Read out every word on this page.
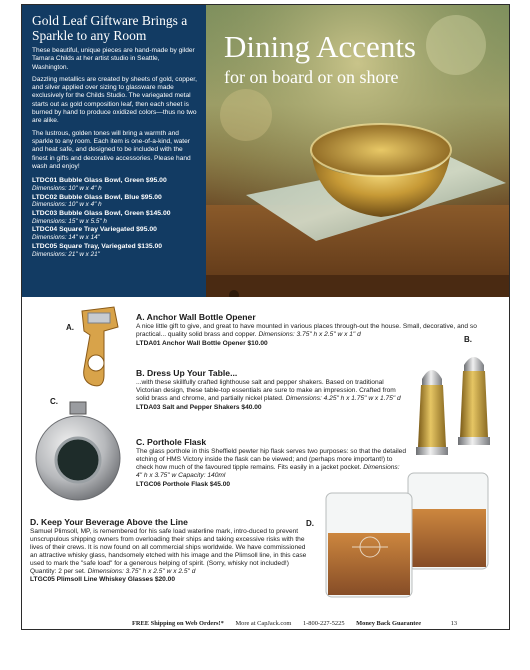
Gold Leaf Giftware Brings a Sparkle to any Room

These beautiful, unique pieces are hand-made by gilder Tamara Childs at her artist studio in Seattle, Washington.

Dazzling metallics are created by sheets of gold, copper, and silver applied over sizing to glassware made exclusively for the Childs Studio. The variegated metal starts out as gold composition leaf, then each sheet is burned by hand to produce oxidized colors—thus no two are alike.

The lustrous, golden tones will bring a warmth and sparkle to any room. Each item is one-of-a-kind, water and heat safe, and designed to be included with the finest in gifts and decorative accessories. Please hand wash and enjoy!

LTDC01 Bubble Glass Bowl, Green $95.00
Dimensions: 10" w x 4" h
LTDC02 Bubble Glass Bowl, Blue $95.00
Dimensions: 10" w x 4" h
LTDC03 Bubble Glass Bowl, Green $145.00
Dimensions: 15" w x 5.5" h
LTDC04 Square Tray Variegated $95.00
Dimensions: 14" w x 14"
LTDC05 Square Tray, Variegated $135.00
Dimensions: 21" w x 21"
Dining Accents
for on board or on shore
A.
C.
B.
D.
A. Anchor Wall Bottle Opener
A nice little gift to give, and great to have mounted in various places through-out the house. Small, decorative, and so practical... quality solid brass and copper. Dimensions: 3.75" h x 2.5" w x 1" d
LTDA01 Anchor Wall Bottle Opener $10.00
B. Dress Up Your Table...
...with these skillfully crafted lighthouse salt and pepper shakers. Based on traditional Victorian design, these table-top essentials are sure to make an impression. Crafted from solid brass and chrome, and partially nickel plated. Dimensions: 4.25" h x 1.75" w x 1.75" d
LTDA03 Salt and Pepper Shakers $40.00
C. Porthole Flask
The glass porthole in this Sheffield pewter hip flask serves two purposes: so that the detailed etching of HMS Victory inside the flask can be viewed; and (perhaps more important!) to check how much of the favoured tipple remains. Fits easily in a jacket pocket. Dimensions: 4" h x 3.75" w Capacity: 140ml
LTGC06 Porthole Flask $45.00
D. Keep Your Beverage Above the Line
Samuel Plimsoll, MP, is remembered for his safe load waterline mark, intro-duced to prevent unscrupulous shipping owners from overloading their ships and taking excessive risks with the lives of their crews. It is now found on all commercial ships worldwide. We have commissioned an attractive whisky glass, handsomely etched with his image and the Plimsoll line, in this case used to mark the "safe load" for a generous helping of spirit. (Sorry, whisky not included!) Quantity: 2 per set. Dimensions: 3.75" h x 2.5" w x 2.5" d
LTGC05 Plimsoll Line Whiskey Glasses $20.00
FREE Shipping on Web Orders!* More at CapJack.com 1-800-227-5225 Money Back Guarantee	13
